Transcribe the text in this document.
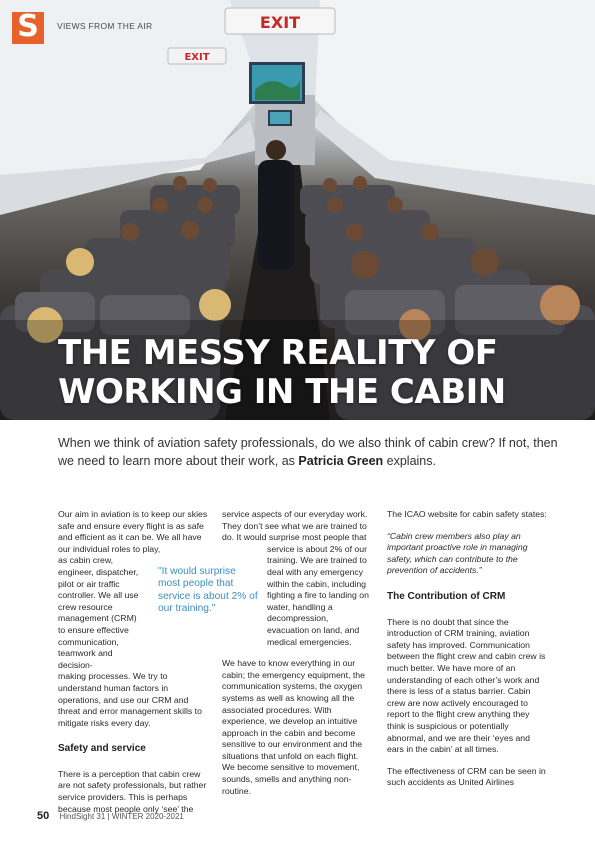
EXIT
EXIT
S	VIEWS FROM THE AIR
THE MESSY REALITY OF
WORKING IN THE CABIN
When we think of aviation safety professionals, do we also think of cabin crew? If not, then we need to learn more about their work, as Patricia Green explains.

Our aim in aviation is to keep our skies safe and ensure every flight is as safe and efficient as it can be. We all have our individual roles to play,

as cabin crew, engineer, dispatcher, pilot or air traffic controller. We all use crew resource management (CRM) to ensure effective communication, teamwork and decision-

making processes. We try to understand human factors in operations, and use our CRM and threat and error management skills to mitigate risks every day.

Safety and service

There is a perception that cabin crew are not safety professionals, but rather service providers. This is perhaps because most people only ‘see’ the

"It would surprise most people that service is about 2% of our training."

service aspects of our everyday work. They don’t see what we are trained to do. It would surprise most people that

service is about 2% of our training. We are trained to deal with any emergency within the cabin, including fighting a fire to landing on water, handling a decompression, evacuation on land, and medical emergencies.

We have to know everything in our cabin; the emergency equipment, the communication systems, the oxygen systems as well as knowing all the associated procedures. With experience, we develop an intuitive approach in the cabin and become sensitive to our environment and the situations that unfold on each flight. We become sensitive to movement, sounds, smells and anything non-routine.

The ICAO website for cabin safety states:

“Cabin crew members also play an important proactive role in managing safety, which can contribute to the prevention of accidents.”

The Contribution of CRM

There is no doubt that since the introduction of CRM training, aviation safety has improved. Communication between the flight crew and cabin crew is much better. We have more of an understanding of each other’s work and there is less of a status barrier. Cabin crew are now actively encouraged to report to the flight crew anything they think is suspicious or potentially abnormal, and we are their ‘eyes and ears in the cabin’ at all times.

The effectiveness of CRM can be seen in such accidents as United Airlines

50 HindSight 31 | WINTER 2020-2021
